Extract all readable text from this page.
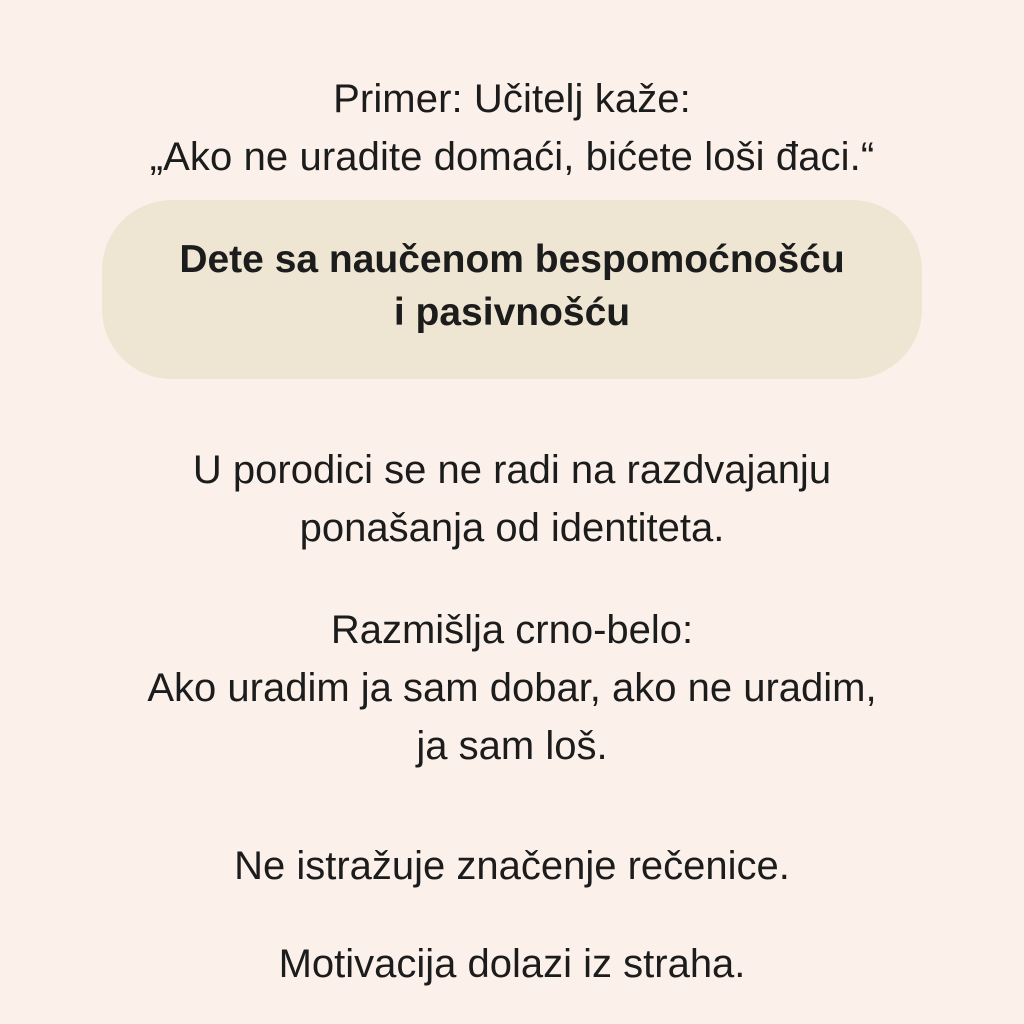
Primer: Učitelj kaže:
„Ako ne uradite domaći, bićete loši đaci.“

Dete sa naučenom bespomoćnošću
i pasivnošću

U porodici se ne radi na razdvajanju
ponašanja od identiteta.

Razmišlja crno-belo:
Ako uradim ja sam dobar, ako ne uradim,
ja sam loš.

Ne istražuje značenje rečenice.

Motivacija dolazi iz straha.
